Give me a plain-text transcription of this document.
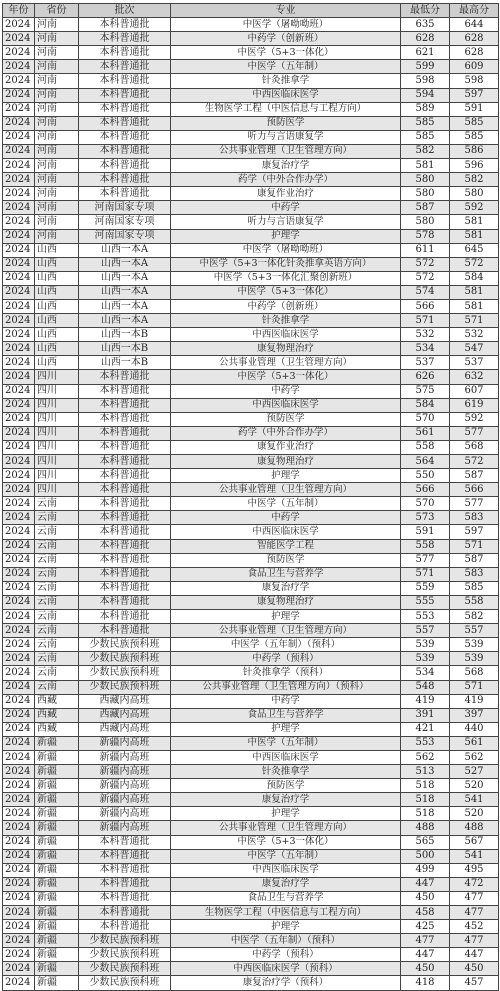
年份	省份	批次	专业	最低分	最高分
2024	河南	本科普通批	中医学（屠呦呦班）	635	644
2024	河南	本科普通批	中药学（创新班）	628	628
2024	河南	本科普通批	中医学（5+3一体化）	621	628
2024	河南	本科普通批	中医学（五年制）	599	609
2024	河南	本科普通批	针灸推拿学	598	598
2024	河南	本科普通批	中西医临床医学	594	597
2024	河南	本科普通批	生物医学工程（中医信息与工程方向）	589	591
2024	河南	本科普通批	预防医学	585	585
2024	河南	本科普通批	听力与言语康复学	585	585
2024	河南	本科普通批	公共事业管理（卫生管理方向）	582	586
2024	河南	本科普通批	康复治疗学	581	596
2024	河南	本科普通批	药学（中外合作办学）	580	582
2024	河南	本科普通批	康复作业治疗	580	580
2024	河南	河南国家专项	中药学	587	592
2024	河南	河南国家专项	听力与言语康复学	580	581
2024	河南	河南国家专项	护理学	578	581
2024	山西	山西一本A	中医学（屠呦呦班）	611	645
2024	山西	山西一本A	中医学（5+3一体化针灸推拿英语方向）	572	572
2024	山西	山西一本A	中医学（5+3一体化汇聚创新班）	572	584
2024	山西	山西一本A	中医学（5+3一体化）	574	581
2024	山西	山西一本A	中药学（创新班）	566	581
2024	山西	山西一本A	针灸推拿学	571	571
2024	山西	山西一本B	中西医临床医学	532	532
2024	山西	山西一本B	康复物理治疗	534	547
2024	山西	山西一本B	公共事业管理（卫生管理方向）	537	537
2024	四川	本科普通批	中医学（5+3一体化）	626	632
2024	四川	本科普通批	中药学	575	607
2024	四川	本科普通批	中西医临床医学	584	619
2024	四川	本科普通批	预防医学	570	592
2024	四川	本科普通批	药学（中外合作办学）	561	577
2024	四川	本科普通批	康复作业治疗	558	568
2024	四川	本科普通批	康复物理治疗	564	572
2024	四川	本科普通批	护理学	550	587
2024	四川	本科普通批	公共事业管理（卫生管理方向）	566	566
2024	云南	本科普通批	中医学（五年制）	570	577
2024	云南	本科普通批	中药学	573	583
2024	云南	本科普通批	中西医临床医学	591	597
2024	云南	本科普通批	智能医学工程	558	571
2024	云南	本科普通批	预防医学	577	587
2024	云南	本科普通批	食品卫生与营养学	571	583
2024	云南	本科普通批	康复治疗学	559	585
2024	云南	本科普通批	康复物理治疗	555	558
2024	云南	本科普通批	护理学	553	582
2024	云南	本科普通批	公共事业管理（卫生管理方向）	557	557
2024	云南	少数民族预科班	中医学（五年制）（预科）	539	539
2024	云南	少数民族预科班	中药学（预科）	539	539
2024	云南	少数民族预科班	针灸推拿学（预科）	534	568
2024	云南	少数民族预科班	公共事业管理（卫生管理方向）（预科）	548	571
2024	西藏	西藏内高班	中药学	419	419
2024	西藏	西藏内高班	食品卫生与营养学	391	397
2024	西藏	西藏内高班	护理学	421	440
2024	新疆	新疆内高班	中医学（五年制）	553	561
2024	新疆	新疆内高班	中西医临床医学	562	562
2024	新疆	新疆内高班	针灸推拿学	513	527
2024	新疆	新疆内高班	预防医学	518	520
2024	新疆	新疆内高班	康复治疗学	518	541
2024	新疆	新疆内高班	护理学	518	520
2024	新疆	新疆内高班	公共事业管理（卫生管理方向）	488	488
2024	新疆	本科普通批	中医学（5+3一体化）	565	567
2024	新疆	本科普通批	中医学（五年制）	500	541
2024	新疆	本科普通批	中西医临床医学	499	495
2024	新疆	本科普通批	康复治疗学	447	472
2024	新疆	本科普通批	食品卫生与营养学	450	477
2024	新疆	本科普通批	生物医学工程（中医信息与工程方向）	458	477
2024	新疆	本科普通批	护理学	425	452
2024	新疆	少数民族预科班	中医学（五年制）（预科）	477	477
2024	新疆	少数民族预科班	中药学（预科）	447	447
2024	新疆	少数民族预科班	中西医临床医学（预科）	450	450
2024	新疆	少数民族预科班	康复治疗学（预科）	418	457
